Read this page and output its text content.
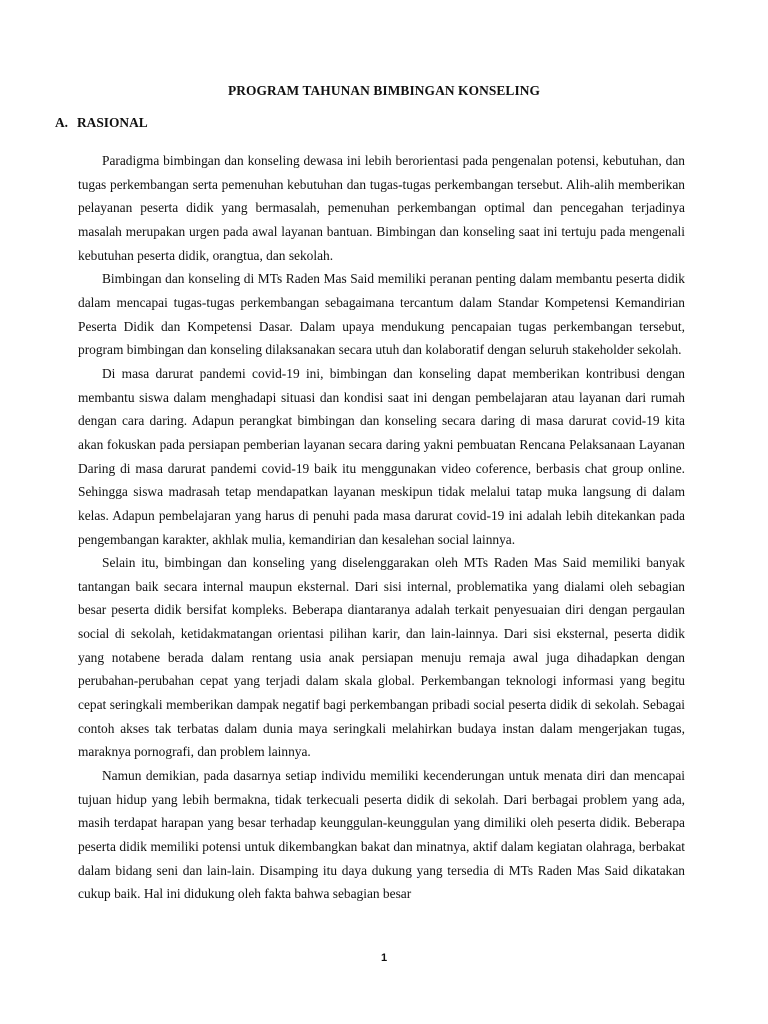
PROGRAM TAHUNAN BIMBINGAN KONSELING
A. RASIONAL

Paradigma bimbingan dan konseling dewasa ini lebih berorientasi pada pengenalan potensi, kebutuhan, dan tugas perkembangan serta pemenuhan kebutuhan dan tugas-tugas perkembangan tersebut. Alih-alih memberikan pelayanan peserta didik yang bermasalah, pemenuhan perkembangan optimal dan pencegahan terjadinya masalah merupakan urgen pada awal layanan bantuan. Bimbingan dan konseling saat ini tertuju pada mengenali kebutuhan peserta didik, orangtua, dan sekolah.

Bimbingan dan konseling di MTs Raden Mas Said memiliki peranan penting dalam membantu peserta didik dalam mencapai tugas-tugas perkembangan sebagaimana tercantum dalam Standar Kompetensi Kemandirian Peserta Didik dan Kompetensi Dasar. Dalam upaya mendukung pencapaian tugas perkembangan tersebut, program bimbingan dan konseling dilaksanakan secara utuh dan kolaboratif dengan seluruh stakeholder sekolah.

Di masa darurat pandemi covid-19 ini, bimbingan dan konseling dapat memberikan kontribusi dengan membantu siswa dalam menghadapi situasi dan kondisi saat ini dengan pembelajaran atau layanan dari rumah dengan cara daring. Adapun perangkat bimbingan dan konseling secara daring di masa darurat covid-19 kita akan fokuskan pada persiapan pemberian layanan secara daring yakni pembuatan Rencana Pelaksanaan Layanan Daring di masa darurat pandemi covid-19 baik itu menggunakan video coference, berbasis chat group online. Sehingga siswa madrasah tetap mendapatkan layanan meskipun tidak melalui tatap muka langsung di dalam kelas. Adapun pembelajaran yang harus di penuhi pada masa darurat covid-19 ini adalah lebih ditekankan pada pengembangan karakter, akhlak mulia, kemandirian dan kesalehan social lainnya.

Selain itu, bimbingan dan konseling yang diselenggarakan oleh MTs Raden Mas Said memiliki banyak tantangan baik secara internal maupun eksternal. Dari sisi internal, problematika yang dialami oleh sebagian besar peserta didik bersifat kompleks. Beberapa diantaranya adalah terkait penyesuaian diri dengan pergaulan social di sekolah, ketidakmatangan orientasi pilihan karir, dan lain-lainnya. Dari sisi eksternal, peserta didik yang notabene berada dalam rentang usia anak persiapan menuju remaja awal juga dihadapkan dengan perubahan-perubahan cepat yang terjadi dalam skala global. Perkembangan teknologi informasi yang begitu cepat seringkali memberikan dampak negatif bagi perkembangan pribadi social peserta didik di sekolah. Sebagai contoh akses tak terbatas dalam dunia maya seringkali melahirkan budaya instan dalam mengerjakan tugas, maraknya pornografi, dan problem lainnya.

Namun demikian, pada dasarnya setiap individu memiliki kecenderungan untuk menata diri dan mencapai tujuan hidup yang lebih bermakna, tidak terkecuali peserta didik di sekolah. Dari berbagai problem yang ada, masih terdapat harapan yang besar terhadap keunggulan-keunggulan yang dimiliki oleh peserta didik. Beberapa peserta didik memiliki potensi untuk dikembangkan bakat dan minatnya, aktif dalam kegiatan olahraga, berbakat dalam bidang seni dan lain-lain. Disamping itu daya dukung yang tersedia di MTs Raden Mas Said dikatakan cukup baik. Hal ini didukung oleh fakta bahwa sebagian besar

1
